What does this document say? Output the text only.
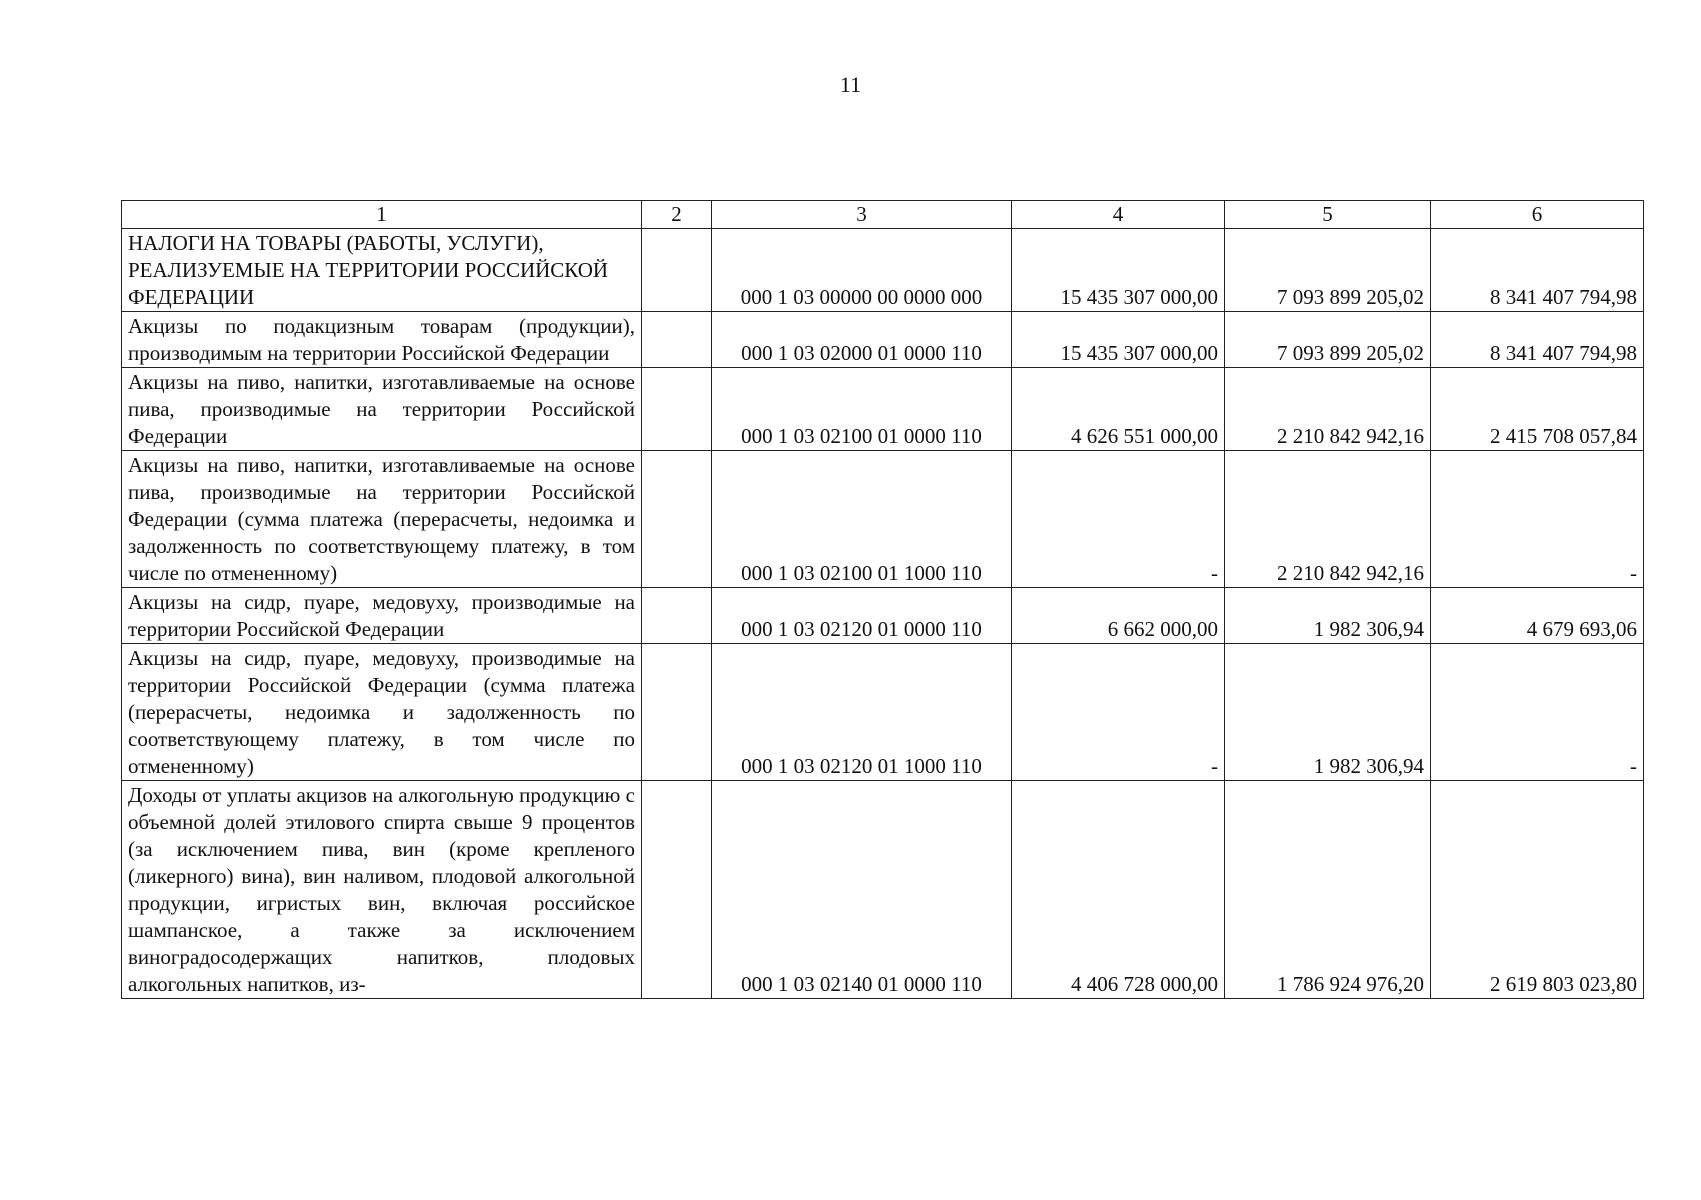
11
1	2	3	4	5	6
НАЛОГИ НА ТОВАРЫ (РАБОТЫ, УСЛУГИ), РЕАЛИЗУЕМЫЕ НА ТЕРРИТОРИИ РОССИЙСКОЙ ФЕДЕРАЦИИ		000 1 03 00000 00 0000 000	15 435 307 000,00	7 093 899 205,02	8 341 407 794,98
Акцизы по подакцизным товарам (продукции), производимым на территории Российской Федерации		000 1 03 02000 01 0000 110	15 435 307 000,00	7 093 899 205,02	8 341 407 794,98
Акцизы на пиво, напитки, изготавливаемые на основе пива, производимые на территории Российской Федерации		000 1 03 02100 01 0000 110	4 626 551 000,00	2 210 842 942,16	2 415 708 057,84
Акцизы на пиво, напитки, изготавливаемые на основе пива, производимые на территории Российской Федерации (сумма платежа (перерасчеты, недоимка и задолженность по соответствующему платежу, в том числе по отмененному)		000 1 03 02100 01 1000 110	-	2 210 842 942,16	-
Акцизы на сидр, пуаре, медовуху, производимые на территории Российской Федерации		000 1 03 02120 01 0000 110	6 662 000,00	1 982 306,94	4 679 693,06
Акцизы на сидр, пуаре, медовуху, производимые на территории Российской Федерации (сумма платежа (перерасчеты, недоимка и задолженность по соответствующему платежу, в том числе по отмененному)		000 1 03 02120 01 1000 110	-	1 982 306,94	-
Доходы от уплаты акцизов на алкогольную продукцию с объемной долей этилового спирта свыше 9 процентов (за исключением пива, вин (кроме крепленого (ликерного) вина), вин наливом, плодовой алкогольной продукции, игристых вин, включая российское шампанское, а также за исключением виноградосодержащих напитков, плодовых алкогольных напитков, из-		000 1 03 02140 01 0000 110	4 406 728 000,00	1 786 924 976,20	2 619 803 023,80
